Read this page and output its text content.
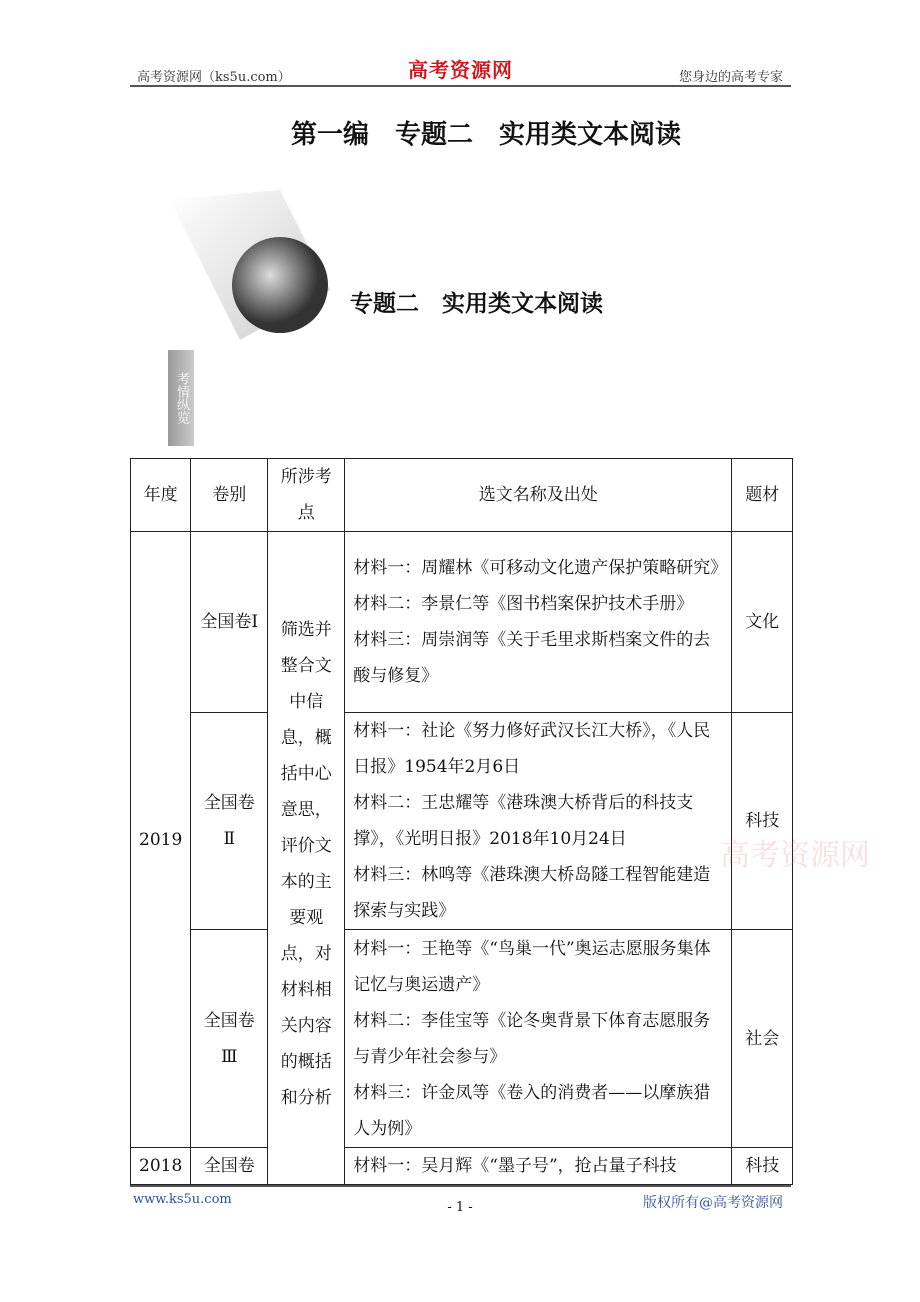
高考资源网（ks5u.com）	高考资源网	您身边的高考专家
第一编　专题二　实用类文本阅读
专题二　实用类文本阅读
考情纵览
年度	卷别	所涉考点	选文名称及出处	题材
2019	全国卷Ⅰ	筛选并整合文中信息，概括中心意思，评价文本的主要观点，对材料相关内容的概括和分析	材料一：周耀林《可移动文化遗产保护策略研究》
材料二：李景仁等《图书档案保护技术手册》
材料三：周崇润等《关于毛里求斯档案文件的去酸与修复》	文化
	全国卷Ⅱ		材料一：社论《努力修好武汉长江大桥》，《人民日报》1954年2月6日
材料二：王忠耀等《港珠澳大桥背后的科技支撑》，《光明日报》2018年10月24日
材料三：林鸣等《港珠澳大桥岛隧工程智能建造探索与实践》	科技
	全国卷Ⅲ		材料一：王艳等《“鸟巢一代”奥运志愿服务集体记忆与奥运遗产》
材料二：李佳宝等《论冬奥背景下体育志愿服务与青少年社会参与》
材料三：许金凤等《卷入的消费者——以摩族猎人为例》	社会
2018	全国卷		材料一：吴月辉《“墨子号”，抢占量子科技	科技
高考资源网
www.ks5u.com
- 1 -	版权所有@高考资源网
